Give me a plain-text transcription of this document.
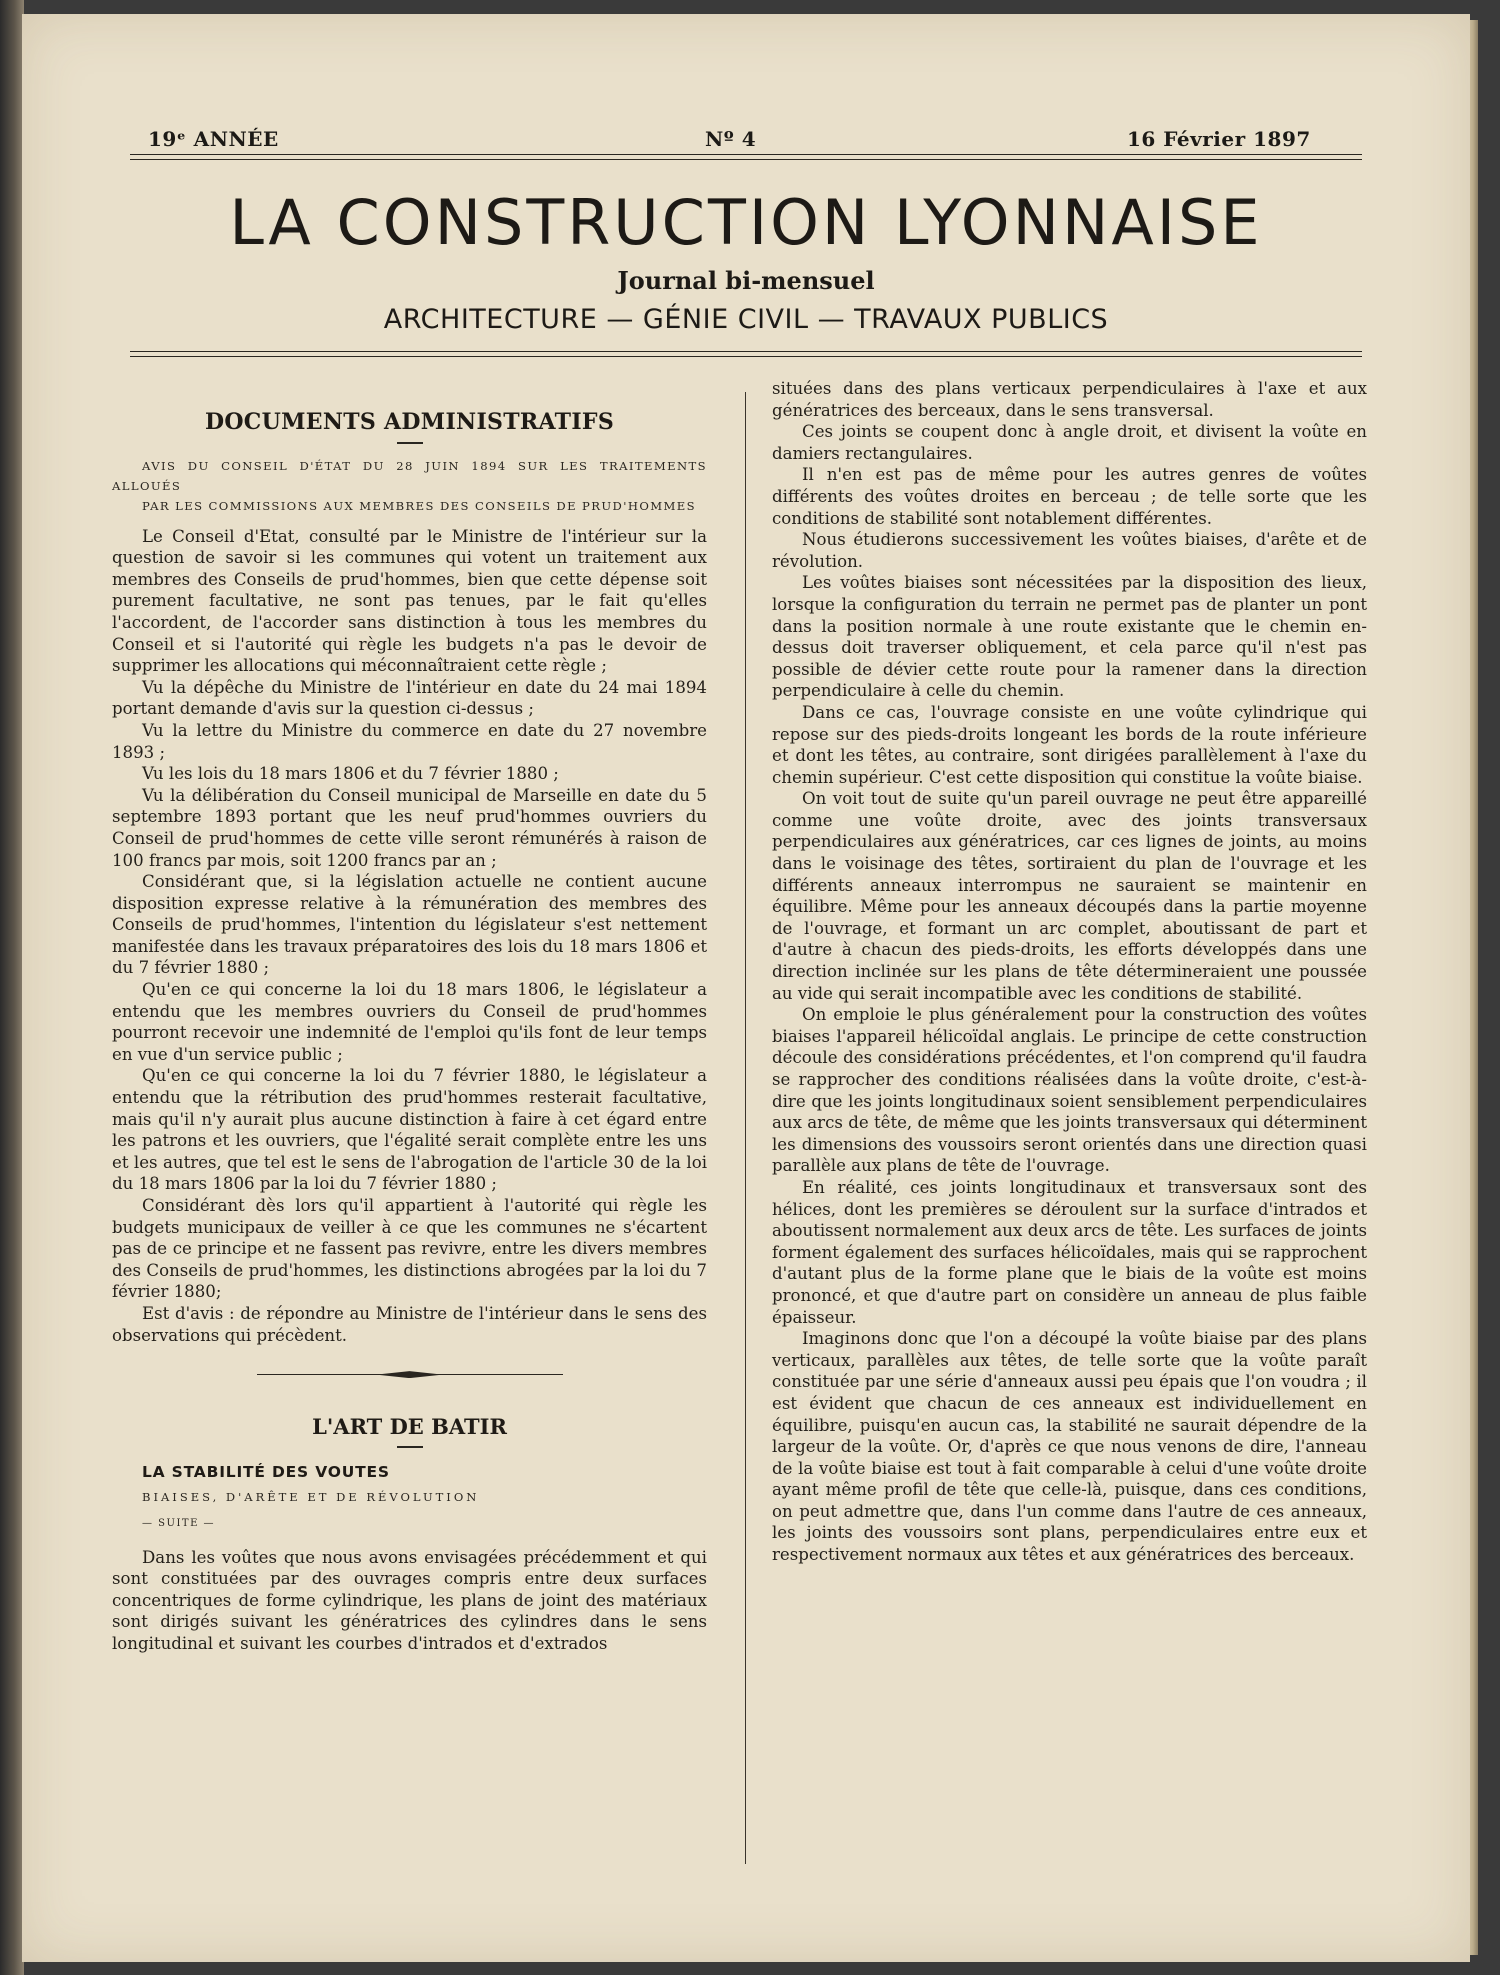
19ᵉ ANNÉE	Nº 4	16 Février 1897
LA CONSTRUCTION LYONNAISE
Journal bi-mensuel
ARCHITECTURE — GÉNIE CIVIL — TRAVAUX PUBLICS
DOCUMENTS ADMINISTRATIFS

AVIS DU CONSEIL D'ÉTAT DU 28 JUIN 1894 SUR LES TRAITEMENTS ALLOUÉS

PAR LES COMMISSIONS AUX MEMBRES DES CONSEILS DE PRUD'HOMMES

Le Conseil d'Etat, consulté par le Ministre de l'intérieur sur la question de savoir si les communes qui votent un traitement aux membres des Conseils de prud'hommes, bien que cette dépense soit purement facultative, ne sont pas tenues, par le fait qu'elles l'accordent, de l'accorder sans distinction à tous les membres du Conseil et si l'autorité qui règle les budgets n'a pas le devoir de supprimer les allocations qui méconnaîtraient cette règle ;

Vu la dépêche du Ministre de l'intérieur en date du 24 mai 1894 portant demande d'avis sur la question ci-dessus ;

Vu la lettre du Ministre du commerce en date du 27 novembre 1893 ;

Vu les lois du 18 mars 1806 et du 7 février 1880 ;

Vu la délibération du Conseil municipal de Marseille en date du 5 septembre 1893 portant que les neuf prud'hommes ouvriers du Conseil de prud'hommes de cette ville seront rémunérés à raison de 100 francs par mois, soit 1200 francs par an ;

Considérant que, si la législation actuelle ne contient aucune disposition expresse relative à la rémunération des membres des Conseils de prud'hommes, l'intention du législateur s'est nettement manifestée dans les travaux préparatoires des lois du 18 mars 1806 et du 7 février 1880 ;

Qu'en ce qui concerne la loi du 18 mars 1806, le législateur a entendu que les membres ouvriers du Conseil de prud'hommes pourront recevoir une indemnité de l'emploi qu'ils font de leur temps en vue d'un service public ;

Qu'en ce qui concerne la loi du 7 février 1880, le législateur a entendu que la rétribution des prud'hommes resterait facultative, mais qu'il n'y aurait plus aucune distinction à faire à cet égard entre les patrons et les ouvriers, que l'égalité serait complète entre les uns et les autres, que tel est le sens de l'abrogation de l'article 30 de la loi du 18 mars 1806 par la loi du 7 février 1880 ;

Considérant dès lors qu'il appartient à l'autorité qui règle les budgets municipaux de veiller à ce que les communes ne s'écartent pas de ce principe et ne fassent pas revivre, entre les divers membres des Conseils de prud'hommes, les distinctions abrogées par la loi du 7 février 1880;

Est d'avis : de répondre au Ministre de l'intérieur dans le sens des observations qui précèdent.

L'ART DE BATIR

LA STABILITÉ DES VOUTES

BIAISES, D'ARÊTE ET DE RÉVOLUTION

— SUITE —

Dans les voûtes que nous avons envisagées précédemment et qui sont constituées par des ouvrages compris entre deux surfaces concentriques de forme cylindrique, les plans de joint des matériaux sont dirigés suivant les génératrices des cylindres dans le sens longitudinal et suivant les courbes d'intrados et d'extrados

situées dans des plans verticaux perpendiculaires à l'axe et aux génératrices des berceaux, dans le sens transversal.

Ces joints se coupent donc à angle droit, et divisent la voûte en damiers rectangulaires.

Il n'en est pas de même pour les autres genres de voûtes différents des voûtes droites en berceau ; de telle sorte que les conditions de stabilité sont notablement différentes.

Nous étudierons successivement les voûtes biaises, d'arête et de révolution.

Les voûtes biaises sont nécessitées par la disposition des lieux, lorsque la configuration du terrain ne permet pas de planter un pont dans la position normale à une route existante que le chemin en-dessus doit traverser obliquement, et cela parce qu'il n'est pas possible de dévier cette route pour la ramener dans la direction perpendiculaire à celle du chemin.

Dans ce cas, l'ouvrage consiste en une voûte cylindrique qui repose sur des pieds-droits longeant les bords de la route inférieure et dont les têtes, au contraire, sont dirigées parallèlement à l'axe du chemin supérieur. C'est cette disposition qui constitue la voûte biaise.

On voit tout de suite qu'un pareil ouvrage ne peut être appareillé comme une voûte droite, avec des joints transversaux perpendiculaires aux génératrices, car ces lignes de joints, au moins dans le voisinage des têtes, sortiraient du plan de l'ouvrage et les différents anneaux interrompus ne sauraient se maintenir en équilibre. Même pour les anneaux découpés dans la partie moyenne de l'ouvrage, et formant un arc complet, aboutissant de part et d'autre à chacun des pieds-droits, les efforts développés dans une direction inclinée sur les plans de tête détermineraient une poussée au vide qui serait incompatible avec les conditions de stabilité.

On emploie le plus généralement pour la construction des voûtes biaises l'appareil hélicoïdal anglais. Le principe de cette construction découle des considérations précédentes, et l'on comprend qu'il faudra se rapprocher des conditions réalisées dans la voûte droite, c'est-à-dire que les joints longitudinaux soient sensiblement perpendiculaires aux arcs de tête, de même que les joints transversaux qui déterminent les dimensions des voussoirs seront orientés dans une direction quasi parallèle aux plans de tête de l'ouvrage.

En réalité, ces joints longitudinaux et transversaux sont des hélices, dont les premières se déroulent sur la surface d'intrados et aboutissent normalement aux deux arcs de tête. Les surfaces de joints forment également des surfaces hélicoïdales, mais qui se rapprochent d'autant plus de la forme plane que le biais de la voûte est moins prononcé, et que d'autre part on considère un anneau de plus faible épaisseur.

Imaginons donc que l'on a découpé la voûte biaise par des plans verticaux, parallèles aux têtes, de telle sorte que la voûte paraît constituée par une série d'anneaux aussi peu épais que l'on voudra ; il est évident que chacun de ces anneaux est individuellement en équilibre, puisqu'en aucun cas, la stabilité ne saurait dépendre de la largeur de la voûte. Or, d'après ce que nous venons de dire, l'anneau de la voûte biaise est tout à fait comparable à celui d'une voûte droite ayant même profil de tête que celle-là, puisque, dans ces conditions, on peut admettre que, dans l'un comme dans l'autre de ces anneaux, les joints des voussoirs sont plans, perpendiculaires entre eux et respectivement normaux aux têtes et aux génératrices des berceaux.
